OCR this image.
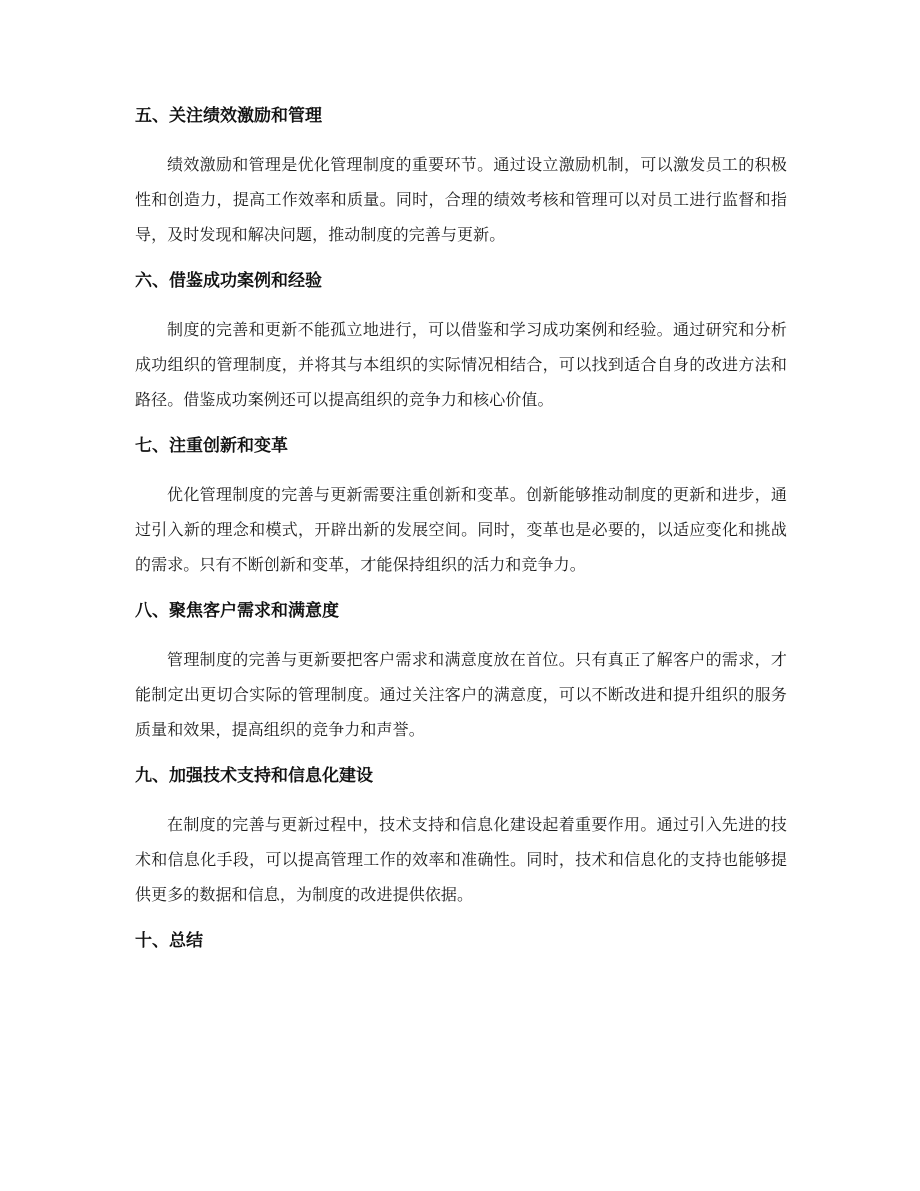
五、关注绩效激励和管理

绩效激励和管理是优化管理制度的重要环节。通过设立激励机制，可以激发员工的积极性和创造力，提高工作效率和质量。同时，合理的绩效考核和管理可以对员工进行监督和指导，及时发现和解决问题，推动制度的完善与更新。

六、借鉴成功案例和经验

制度的完善和更新不能孤立地进行，可以借鉴和学习成功案例和经验。通过研究和分析成功组织的管理制度，并将其与本组织的实际情况相结合，可以找到适合自身的改进方法和路径。借鉴成功案例还可以提高组织的竞争力和核心价值。

七、注重创新和变革

优化管理制度的完善与更新需要注重创新和变革。创新能够推动制度的更新和进步，通过引入新的理念和模式，开辟出新的发展空间。同时，变革也是必要的，以适应变化和挑战的需求。只有不断创新和变革，才能保持组织的活力和竞争力。

八、聚焦客户需求和满意度

管理制度的完善与更新要把客户需求和满意度放在首位。只有真正了解客户的需求，才能制定出更切合实际的管理制度。通过关注客户的满意度，可以不断改进和提升组织的服务质量和效果，提高组织的竞争力和声誉。

九、加强技术支持和信息化建设

在制度的完善与更新过程中，技术支持和信息化建设起着重要作用。通过引入先进的技术和信息化手段，可以提高管理工作的效率和准确性。同时，技术和信息化的支持也能够提供更多的数据和信息，为制度的改进提供依据。

十、总结
